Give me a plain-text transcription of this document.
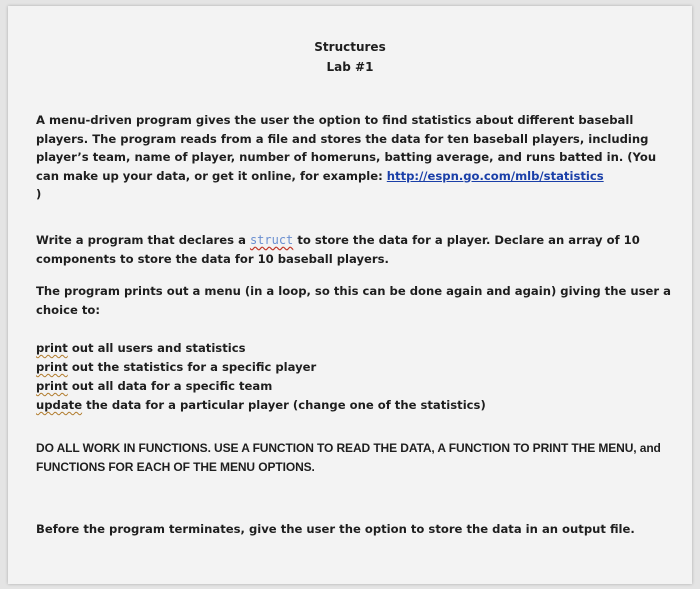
Structures
Lab #1
A menu-driven program gives the user the option to find statistics about different baseball players. The program reads from a file and stores the data for ten baseball players, including player’s team, name of player, number of homeruns, batting average, and runs batted in. (You can make up your data, or get it online, for example: http://espn.go.com/mlb/statistics
)
Write a program that declares a struct to store the data for a player. Declare an array of 10 components to store the data for 10 baseball players.
The program prints out a menu (in a loop, so this can be done again and again) giving the user a choice to:
print out all users and statistics
print out the statistics for a specific player
print out all data for a specific team
update the data for a particular player (change one of the statistics)
DO ALL WORK IN FUNCTIONS. USE A FUNCTION TO READ THE DATA, A FUNCTION TO PRINT THE MENU, and FUNCTIONS FOR EACH OF THE MENU OPTIONS.
Before the program terminates, give the user the option to store the data in an output file.
